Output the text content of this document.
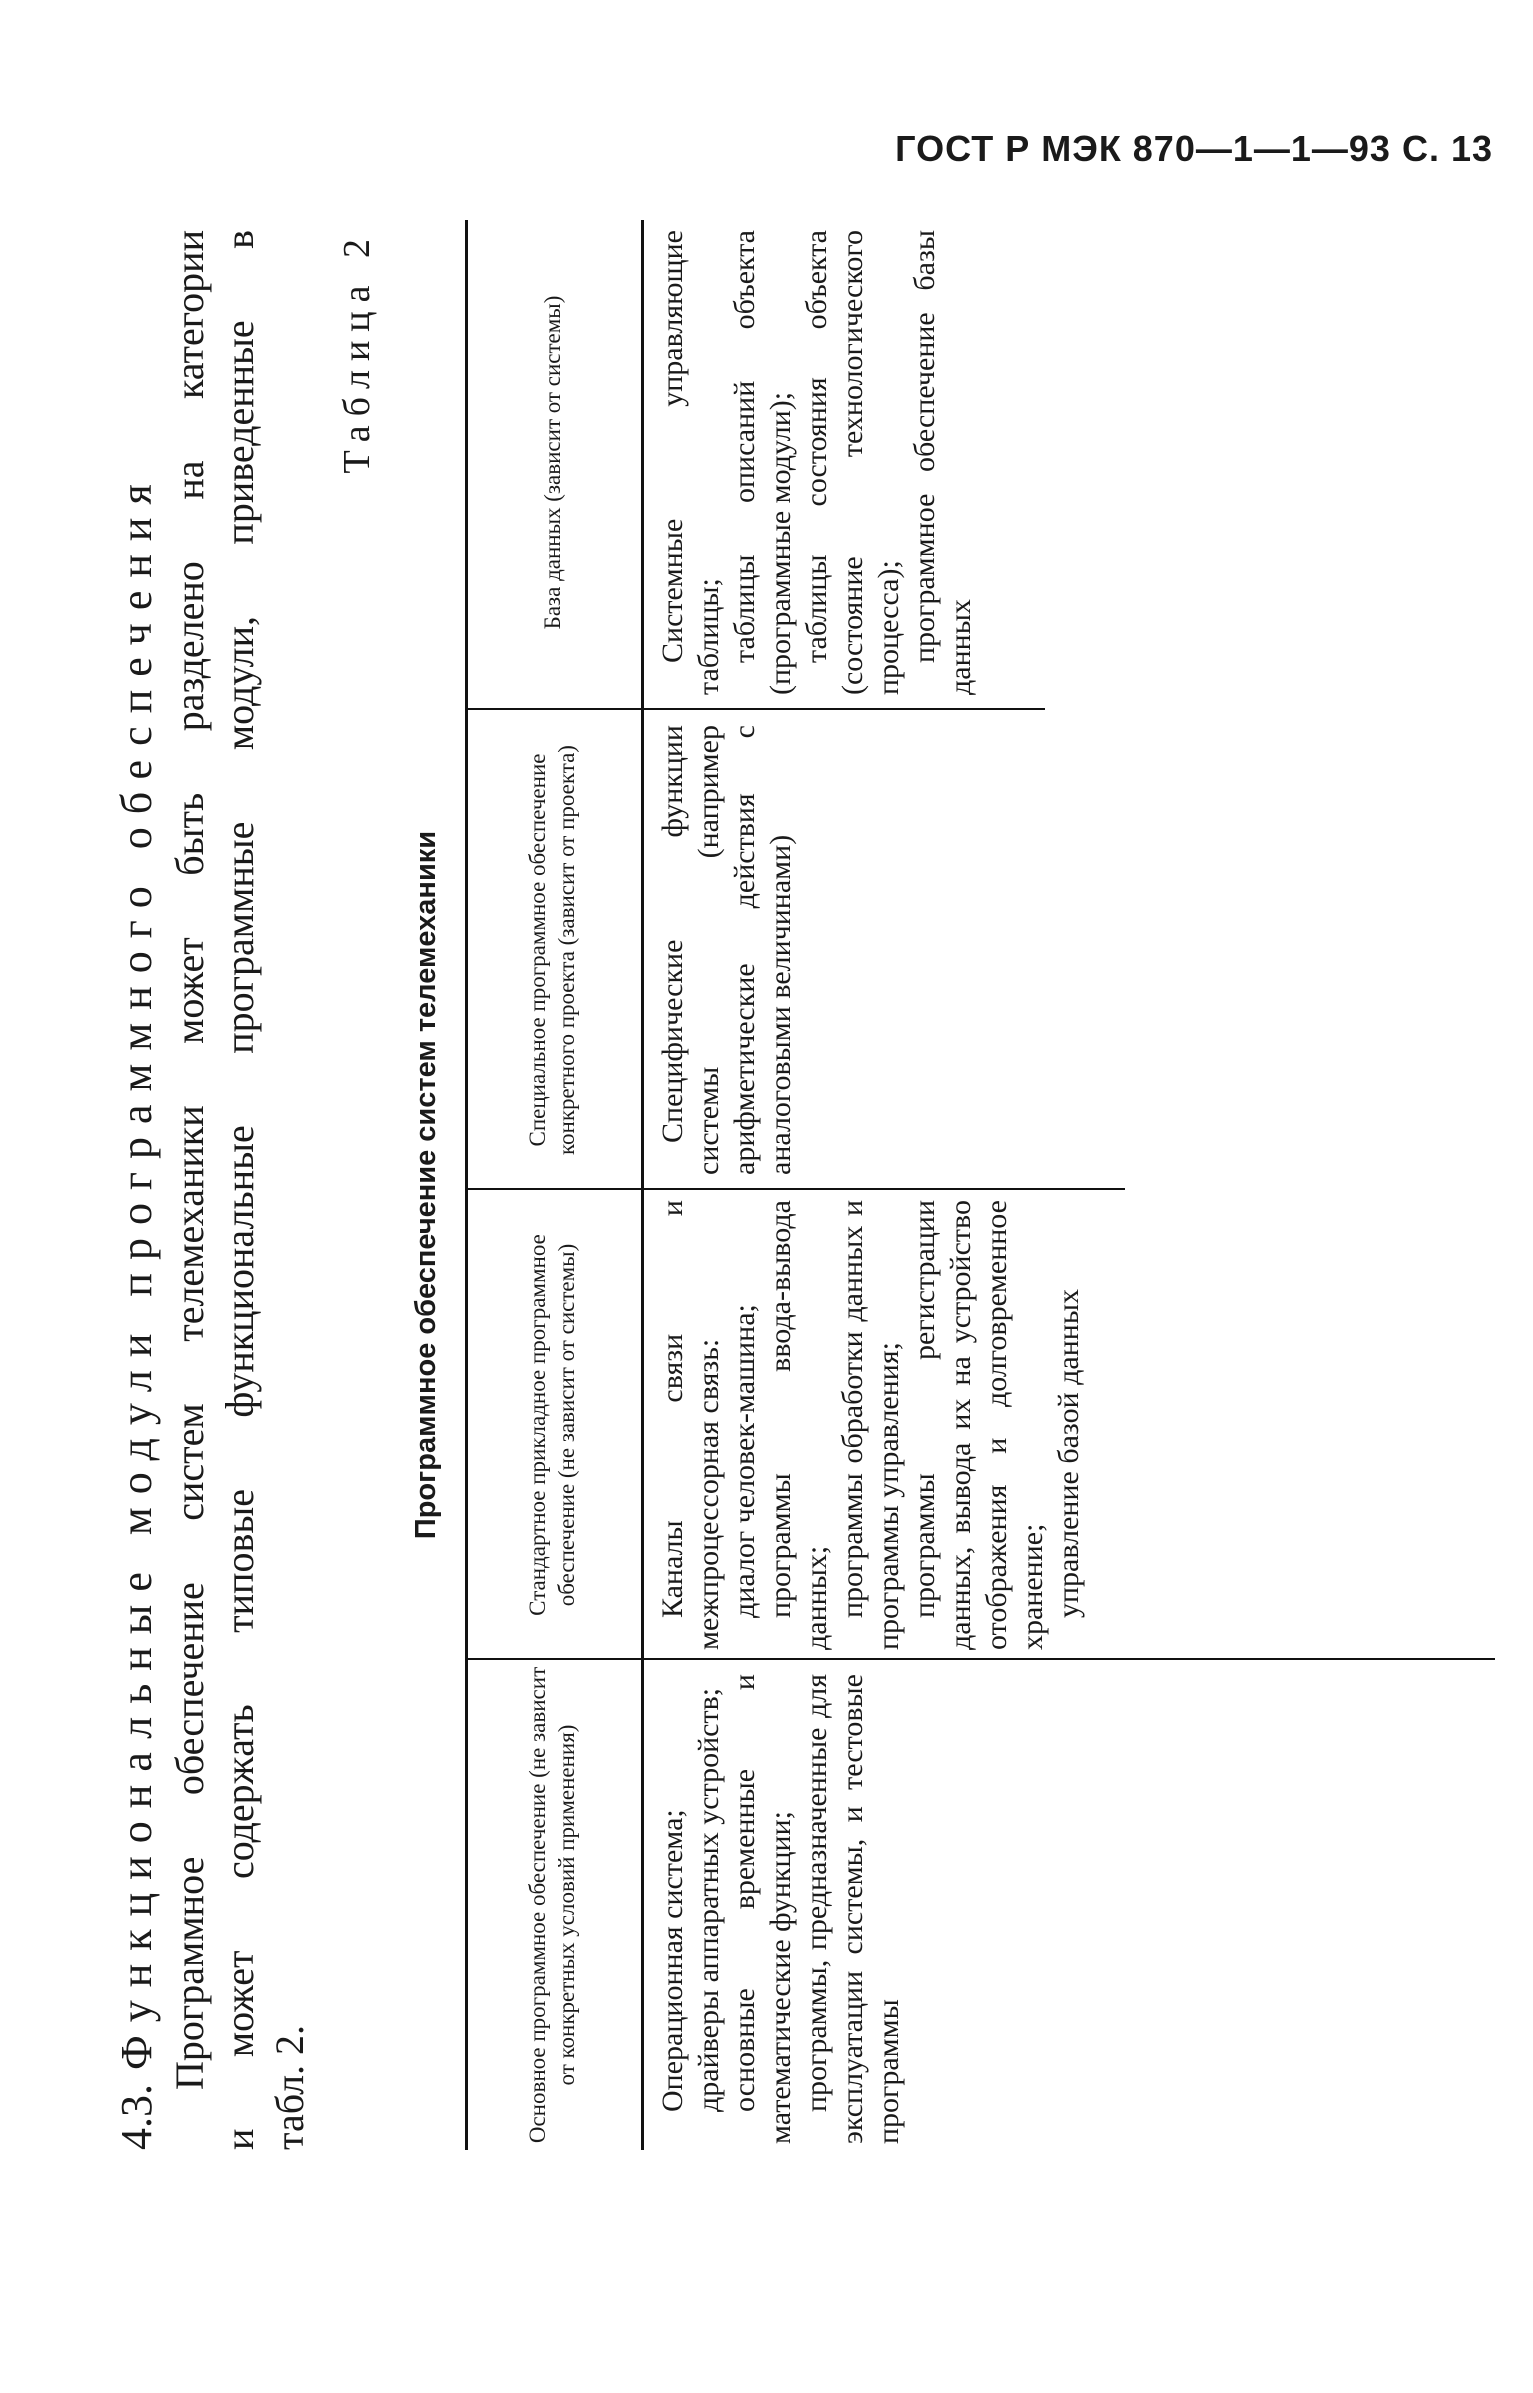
ГОСТ Р МЭК 870—1—1—93 С. 13
4.3.Функциональные модули программного обеспечения Программное обеспечение систем телемеханики может быть разделено на категории и может содержать типовые функциональные программные модули, приведенные в табл. 2.
Таблица 2
Программное обеспечение систем телемеханики
Основное программное обеспечение (не зависит от конкретных условий применения)
Стандартное прикладное программное обеспечение (не зависит от системы)
Специальное программное обеспечение конкретного проекта (зависит от проекта)
База данных (зависит от системы)

Операционная система; драйверы аппаратных устройств; основные временные и математические функции; программы, предназначенные для эксплуатации системы, и тестовые программы

Каналы связи и межпроцессорная связь: диалог человек-машина; программы ввода-вывода данных; программы обработки данных и программы управления; программы регистрации данных, вывода их на устройство отображения и долговременное хранение; управление базой данных

Специфические функции системы (например арифметические действия с аналоговыми величинами)

Системные управляющие таблицы; таблицы описаний объекта (программные модули); таблицы состояния объекта (состояние технологического процесса); программное обеспечение базы данных
